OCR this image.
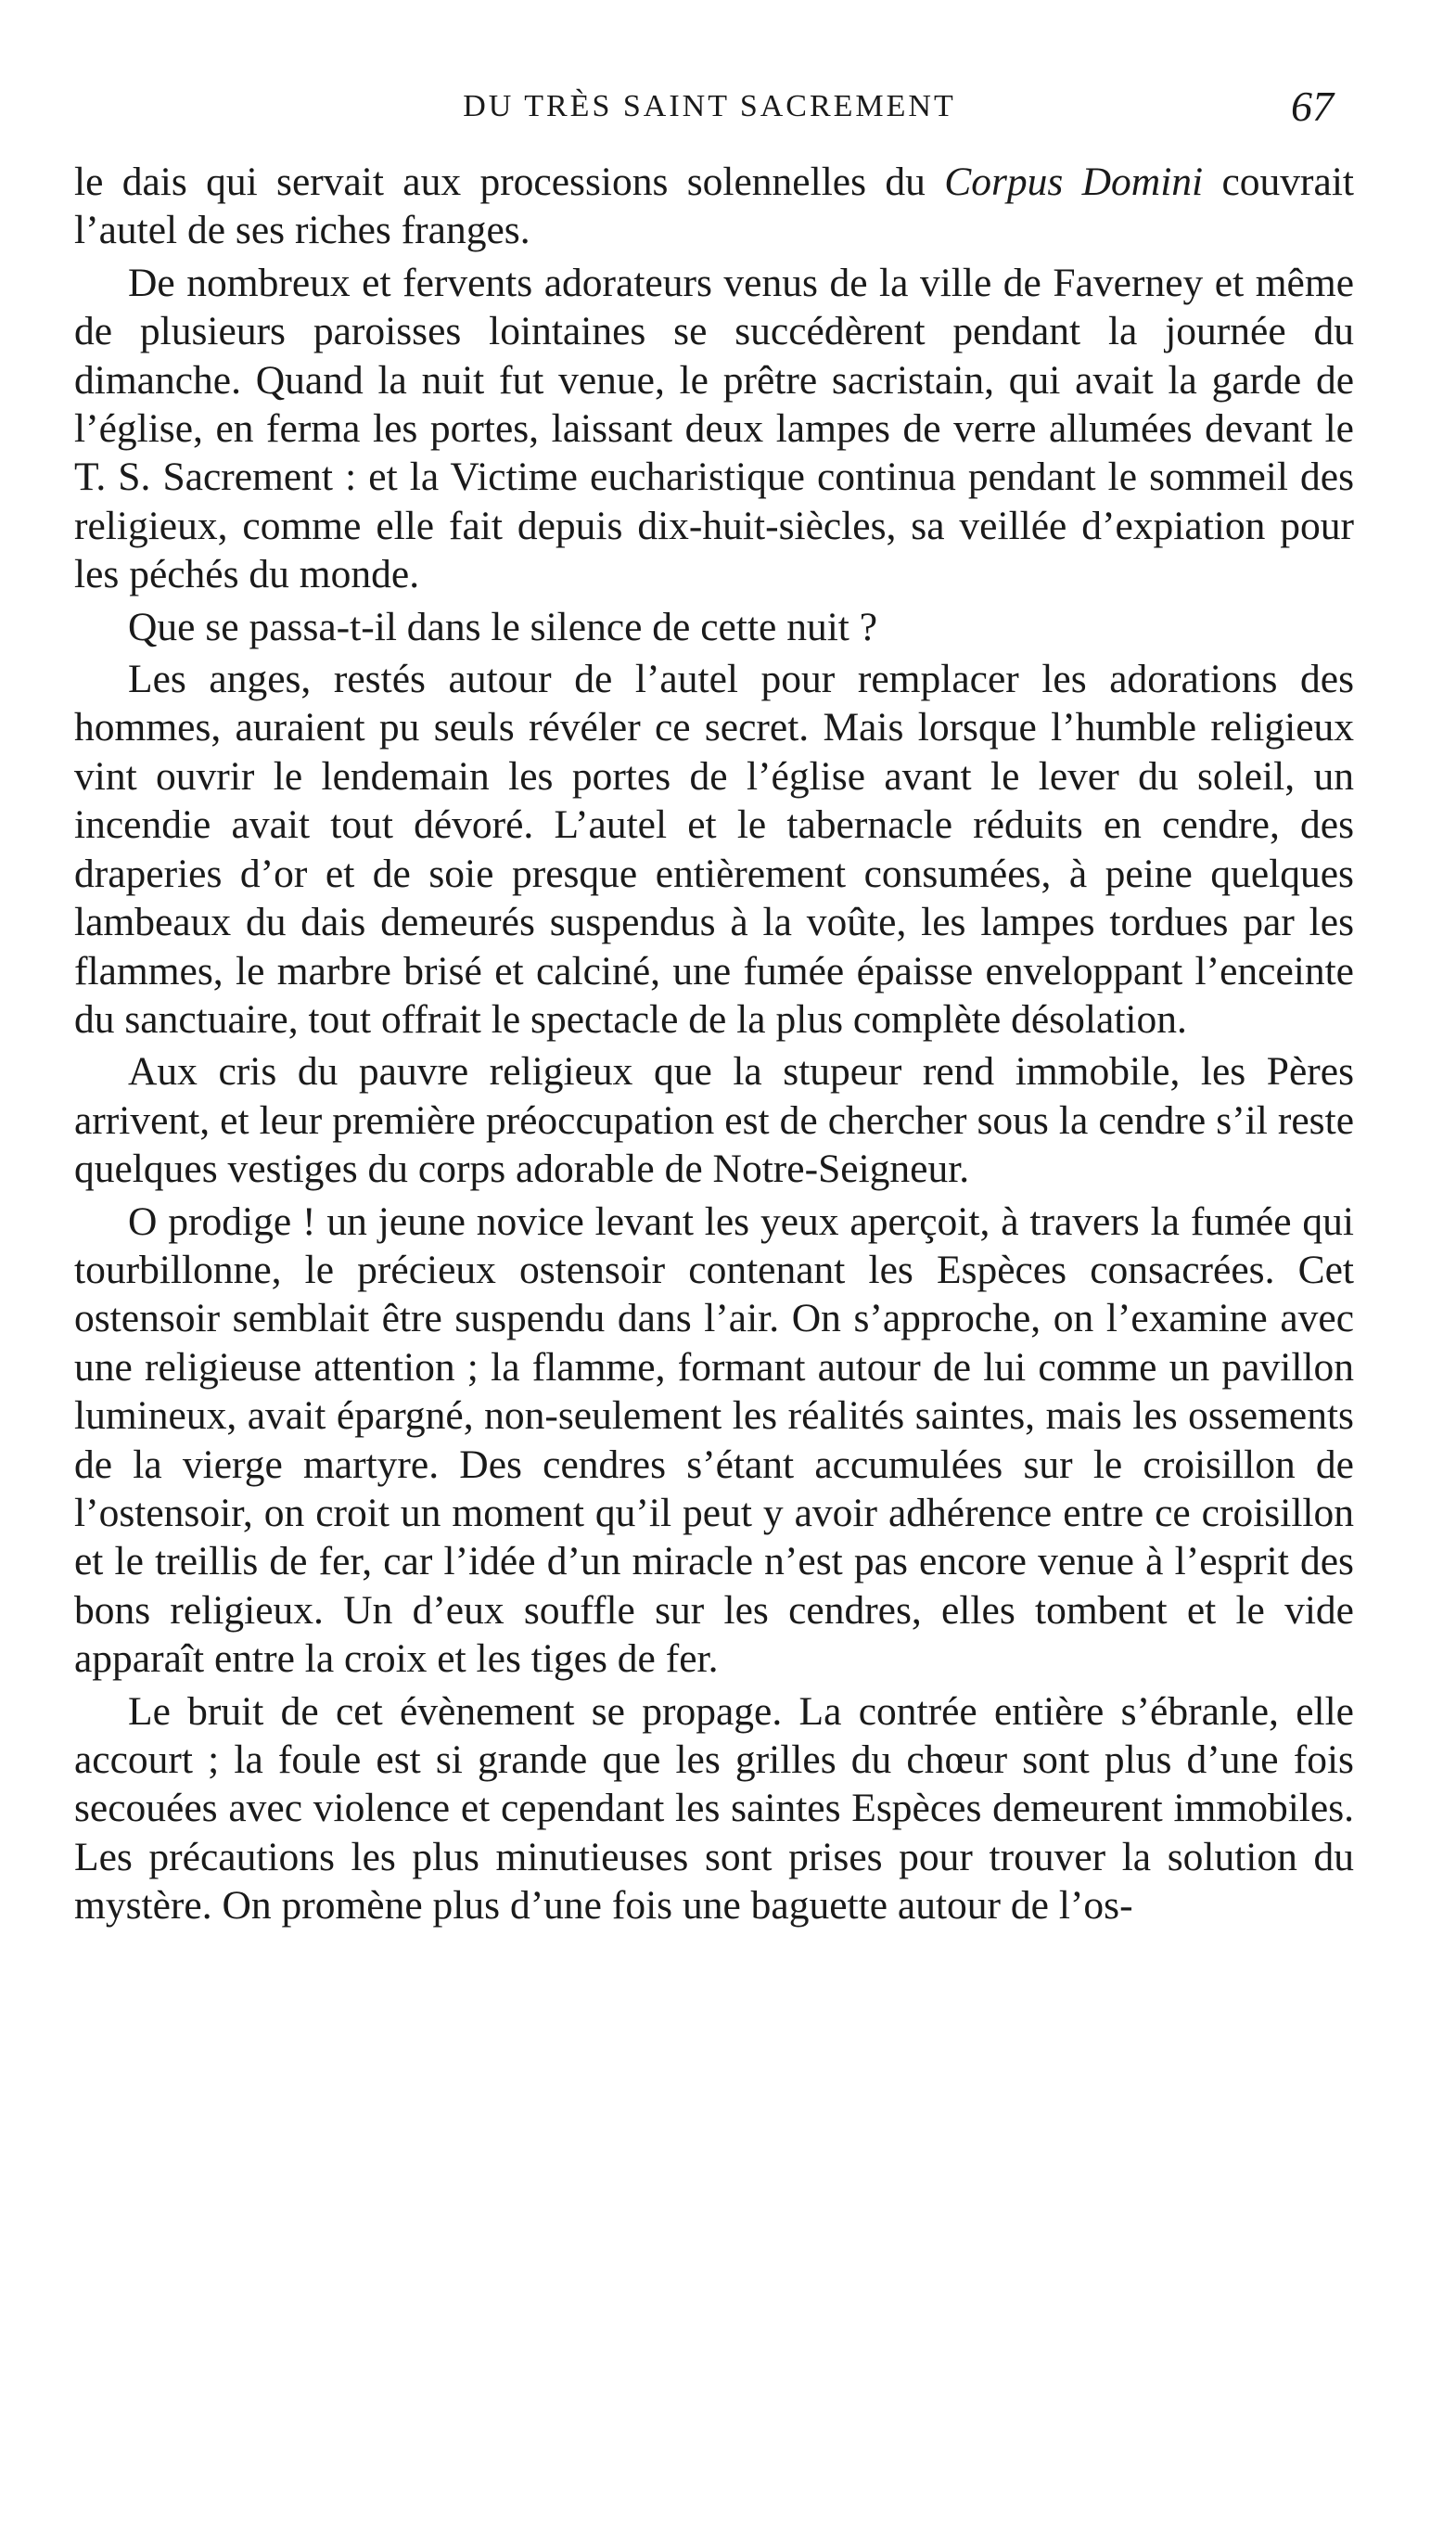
DU TRÈS SAINT SACREMENT	67

le dais qui servait aux processions solennelles du Corpus Domini couvrait l’autel de ses riches franges.

De nombreux et fervents adorateurs venus de la ville de Faverney et même de plusieurs paroisses lointaines se succédèrent pendant la journée du dimanche. Quand la nuit fut venue, le prêtre sacristain, qui avait la garde de l’église, en ferma les portes, laissant deux lampes de verre allumées devant le T. S. Sacrement : et la Victime eucharistique continua pendant le sommeil des religieux, comme elle fait depuis dix-huit-siècles, sa veillée d’expiation pour les péchés du monde.

Que se passa-t-il dans le silence de cette nuit ?

Les anges, restés autour de l’autel pour remplacer les adorations des hommes, auraient pu seuls révéler ce secret. Mais lorsque l’humble religieux vint ouvrir le lendemain les portes de l’église avant le lever du soleil, un incendie avait tout dévoré. L’autel et le tabernacle réduits en cendre, des draperies d’or et de soie presque entièrement consumées, à peine quelques lambeaux du dais demeurés suspendus à la voûte, les lampes tordues par les flammes, le marbre brisé et calciné, une fumée épaisse enveloppant l’enceinte du sanctuaire, tout offrait le spectacle de la plus complète désolation.

Aux cris du pauvre religieux que la stupeur rend immobile, les Pères arrivent, et leur première préoccupation est de chercher sous la cendre s’il reste quelques vestiges du corps adorable de Notre-Seigneur.

O prodige ! un jeune novice levant les yeux aperçoit, à travers la fumée qui tourbillonne, le précieux ostensoir contenant les Espèces consacrées. Cet ostensoir semblait être suspendu dans l’air. On s’approche, on l’examine avec une religieuse attention ; la flamme, formant autour de lui comme un pavillon lumineux, avait épargné, non-seulement les réalités saintes, mais les ossements de la vierge martyre. Des cendres s’étant accumulées sur le croisillon de l’ostensoir, on croit un moment qu’il peut y avoir adhérence entre ce croisillon et le treillis de fer, car l’idée d’un miracle n’est pas encore venue à l’esprit des bons religieux. Un d’eux souffle sur les cendres, elles tombent et le vide apparaît entre la croix et les tiges de fer.

Le bruit de cet évènement se propage. La contrée entière s’ébranle, elle accourt ; la foule est si grande que les grilles du chœur sont plus d’une fois secouées avec violence et cependant les saintes Espèces demeurent immobiles. Les précautions les plus minutieuses sont prises pour trouver la solution du mystère. On promène plus d’une fois une baguette autour de l’os-
